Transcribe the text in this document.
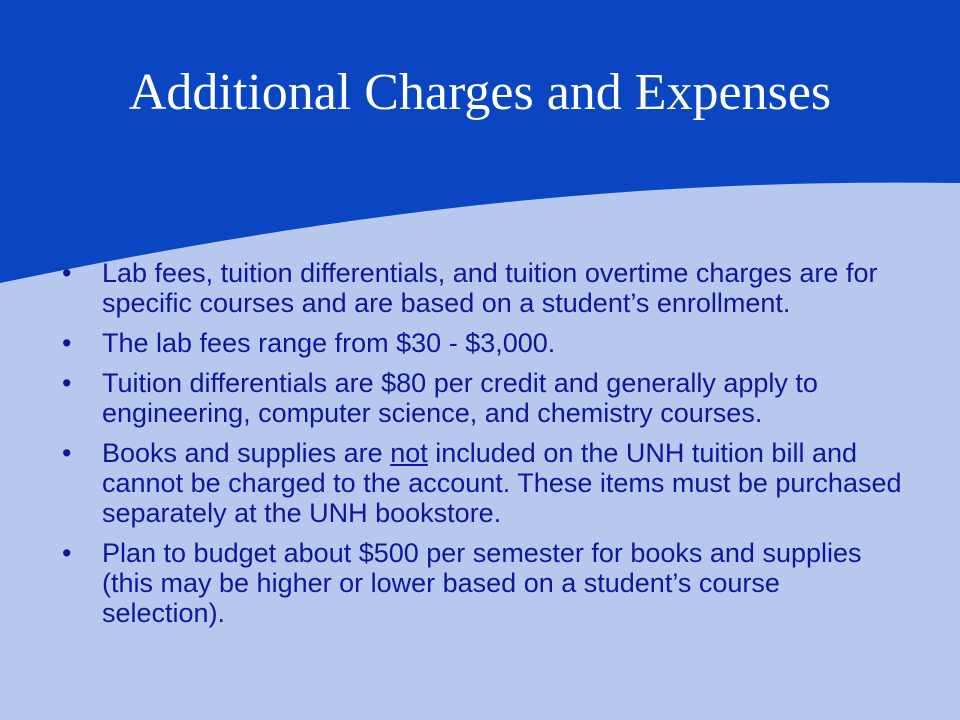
Additional Charges and Expenses
• Lab fees, tuition differentials, and tuition overtime charges are for specific courses and are based on a student’s enrollment.
• The lab fees range from $30 - $3,000.
• Tuition differentials are $80 per credit and generally apply to engineering, computer science, and chemistry courses.
• Books and supplies are not included on the UNH tuition bill and cannot be charged to the account. These items must be purchased separately at the UNH bookstore.
• Plan to budget about $500 per semester for books and supplies (this may be higher or lower based on a student’s course selection).
